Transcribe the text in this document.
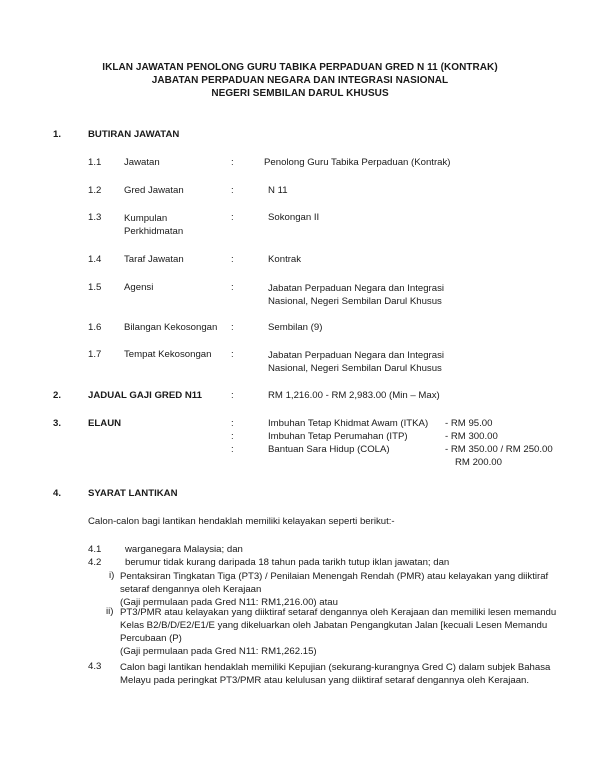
IKLAN JAWATAN PENOLONG GURU TABIKA PERPADUAN GRED N 11 (KONTRAK)
JABATAN PERPADUAN NEGARA DAN INTEGRASI NASIONAL
NEGERI SEMBILAN DARUL KHUSUS
1.	BUTIRAN JAWATAN
1.1 Jawatan	:	Penolong Guru Tabika Perpaduan (Kontrak)
1.2 Gred Jawatan	:	N 11
1.3 Kumpulan
Perkhidmatan
:	Sokongan II
1.4 Taraf Jawatan	:	Kontrak
1.5 Agensi	:	Jabatan Perpaduan Negara dan Integrasi
Nasional, Negeri Sembilan Darul Khusus
1.6 Bilangan Kekosongan :	Sembilan (9)
1.7 Tempat Kekosongan :	Jabatan Perpaduan Negara dan Integrasi
Nasional, Negeri Sembilan Darul Khusus
2.	JADUAL GAJI GRED N11	:	RM 1,216.00 - RM 2,983.00 (Min – Max)
3.	ELAUN	:	Imbuhan Tetap Khidmat Awam (ITKA) - RM 95.00
:	Imbuhan Tetap Perumahan (ITP)	- RM 300.00
:	Bantuan Sara Hidup (COLA)	- RM 350.00 / RM 250.00
RM 200.00
4.	SYARAT LANTIKAN
Calon-calon bagi lantikan hendaklah memiliki kelayakan seperti berikut:-
4.1 warganegara Malaysia; dan
4.2 berumur tidak kurang daripada 18 tahun pada tarikh tutup iklan jawatan; dan
i) Pentaksiran Tingkatan Tiga (PT3) / Penilaian Menengah Rendah (PMR) atau kelayakan yang diiktiraf
setaraf dengannya oleh Kerajaan
(Gaji permulaan pada Gred N11: RM1,216.00) atau
ii) PT3/PMR atau kelayakan yang diiktiraf setaraf dengannya oleh Kerajaan dan memiliki lesen memandu
Kelas B2/B/D/E2/E1/E yang dikeluarkan oleh Jabatan Pengangkutan Jalan [kecuali Lesen Memandu
Percubaan (P)
(Gaji permulaan pada Gred N11: RM1,262.15)
4.3 Calon bagi lantikan hendaklah memiliki Kepujian (sekurang-kurangnya Gred C) dalam subjek Bahasa
Melayu pada peringkat PT3/PMR atau kelulusan yang diiktiraf setaraf dengannya oleh Kerajaan.
